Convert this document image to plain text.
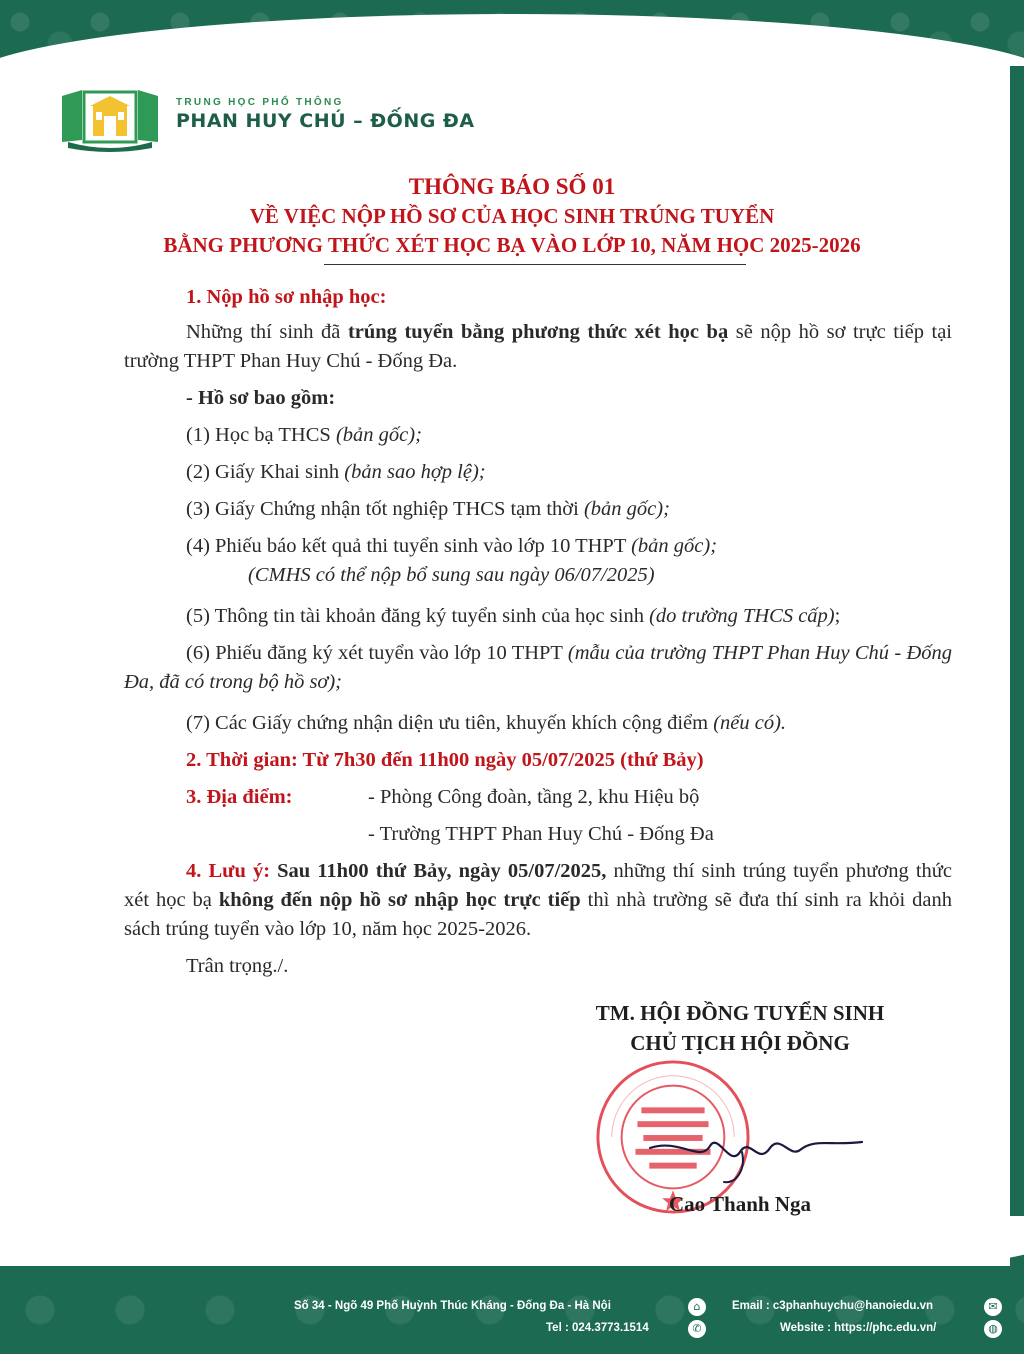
TRUNG HỌC PHỔ THÔNG
PHAN HUY CHÚ – ĐỐNG ĐA
THÔNG BÁO SỐ 01
VỀ VIỆC NỘP HỒ SƠ CỦA HỌC SINH TRÚNG TUYỂN
BẰNG PHƯƠNG THỨC XÉT HỌC BẠ VÀO LỚP 10, NĂM HỌC 2025-2026

1. Nộp hồ sơ nhập học:

Những thí sinh đã trúng tuyển bằng phương thức xét học bạ sẽ nộp hồ sơ trực tiếp tại trường THPT Phan Huy Chú - Đống Đa.

- Hồ sơ bao gồm:

(1) Học bạ THCS (bản gốc);

(2) Giấy Khai sinh (bản sao hợp lệ);

(3) Giấy Chứng nhận tốt nghiệp THCS tạm thời (bản gốc);

(4) Phiếu báo kết quả thi tuyển sinh vào lớp 10 THPT (bản gốc);

(CMHS có thể nộp bổ sung sau ngày 06/07/2025)

(5) Thông tin tài khoản đăng ký tuyển sinh của học sinh (do trường THCS cấp);

(6) Phiếu đăng ký xét tuyển vào lớp 10 THPT (mẫu của trường THPT Phan Huy Chú - Đống Đa, đã có trong bộ hồ sơ);

(7) Các Giấy chứng nhận diện ưu tiên, khuyến khích cộng điểm (nếu có).

2. Thời gian: Từ 7h30 đến 11h00 ngày 05/07/2025 (thứ Bảy)

3. Địa điểm:	- Phòng Công đoàn, tầng 2, khu Hiệu bộ
- Trường THPT Phan Huy Chú - Đống Đa

4. Lưu ý: Sau 11h00 thứ Bảy, ngày 05/07/2025, những thí sinh trúng tuyển phương thức xét học bạ không đến nộp hồ sơ nhập học trực tiếp thì nhà trường sẽ đưa thí sinh ra khỏi danh sách trúng tuyển vào lớp 10, năm học 2025-2026.

Trân trọng./.

TM. HỘI ĐỒNG TUYỂN SINH
CHỦ TỊCH HỘI ĐỒNG
Cao Thanh Nga
Số 34 - Ngõ 49 Phố Huỳnh Thúc Kháng - Đống Đa - Hà Nội	⌂
Tel : 024.3773.1514	✆
Email : c3phanhuychu@hanoiedu.vn	✉
Website : https://phc.edu.vn/	◍
